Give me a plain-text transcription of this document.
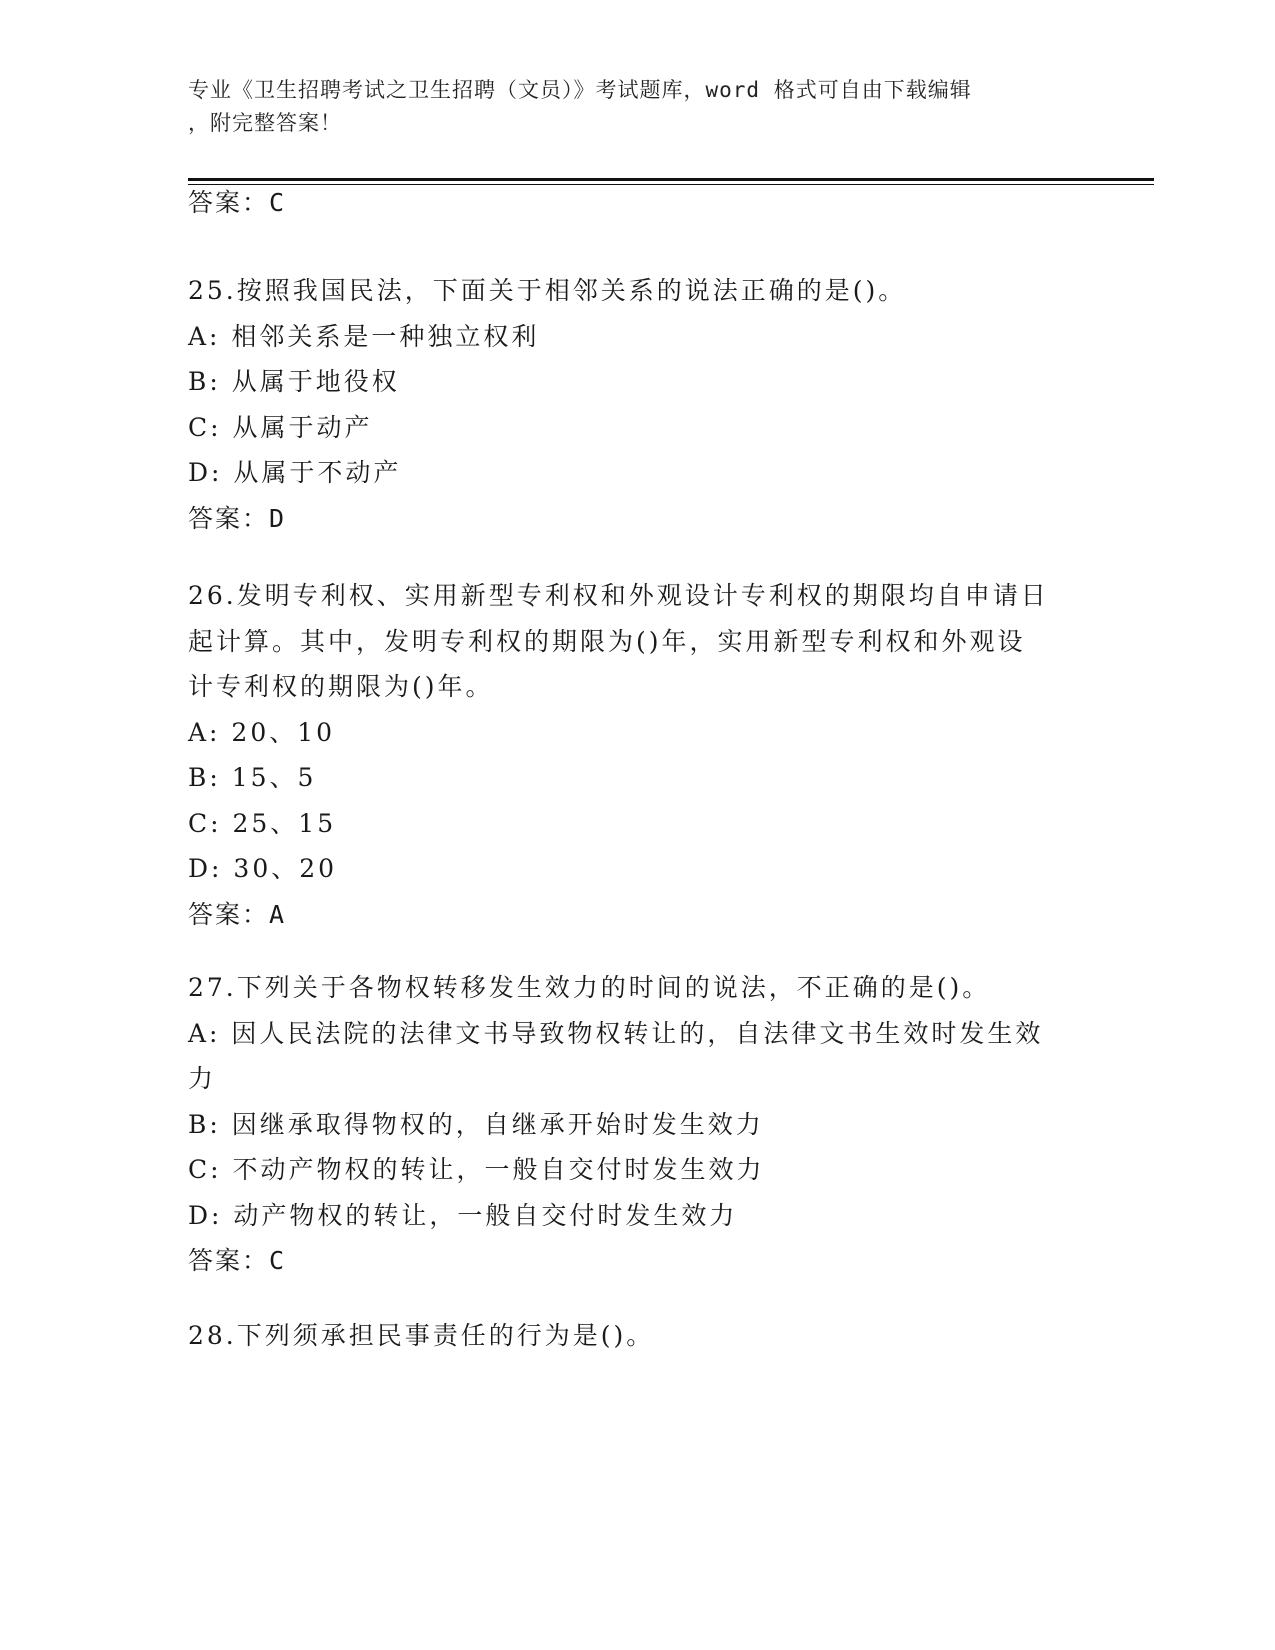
专业《卫生招聘考试之卫生招聘（文员）》考试题库，word 格式可自由下载编辑
，附完整答案！
答案：C
25.按照我国民法，下面关于相邻关系的说法正确的是()。
A: 相邻关系是一种独立权利
B: 从属于地役权
C: 从属于动产
D: 从属于不动产
答案：D
26.发明专利权、实用新型专利权和外观设计专利权的期限均自申请日
起计算。其中，发明专利权的期限为()年，实用新型专利权和外观设
计专利权的期限为()年。
A: 20、10
B: 15、5
C: 25、15
D: 30、20
答案：A
27.下列关于各物权转移发生效力的时间的说法，不正确的是()。
A: 因人民法院的法律文书导致物权转让的，自法律文书生效时发生效
力
B: 因继承取得物权的，自继承开始时发生效力
C: 不动产物权的转让，一般自交付时发生效力
D: 动产物权的转让，一般自交付时发生效力
答案：C
28.下列须承担民事责任的行为是()。
